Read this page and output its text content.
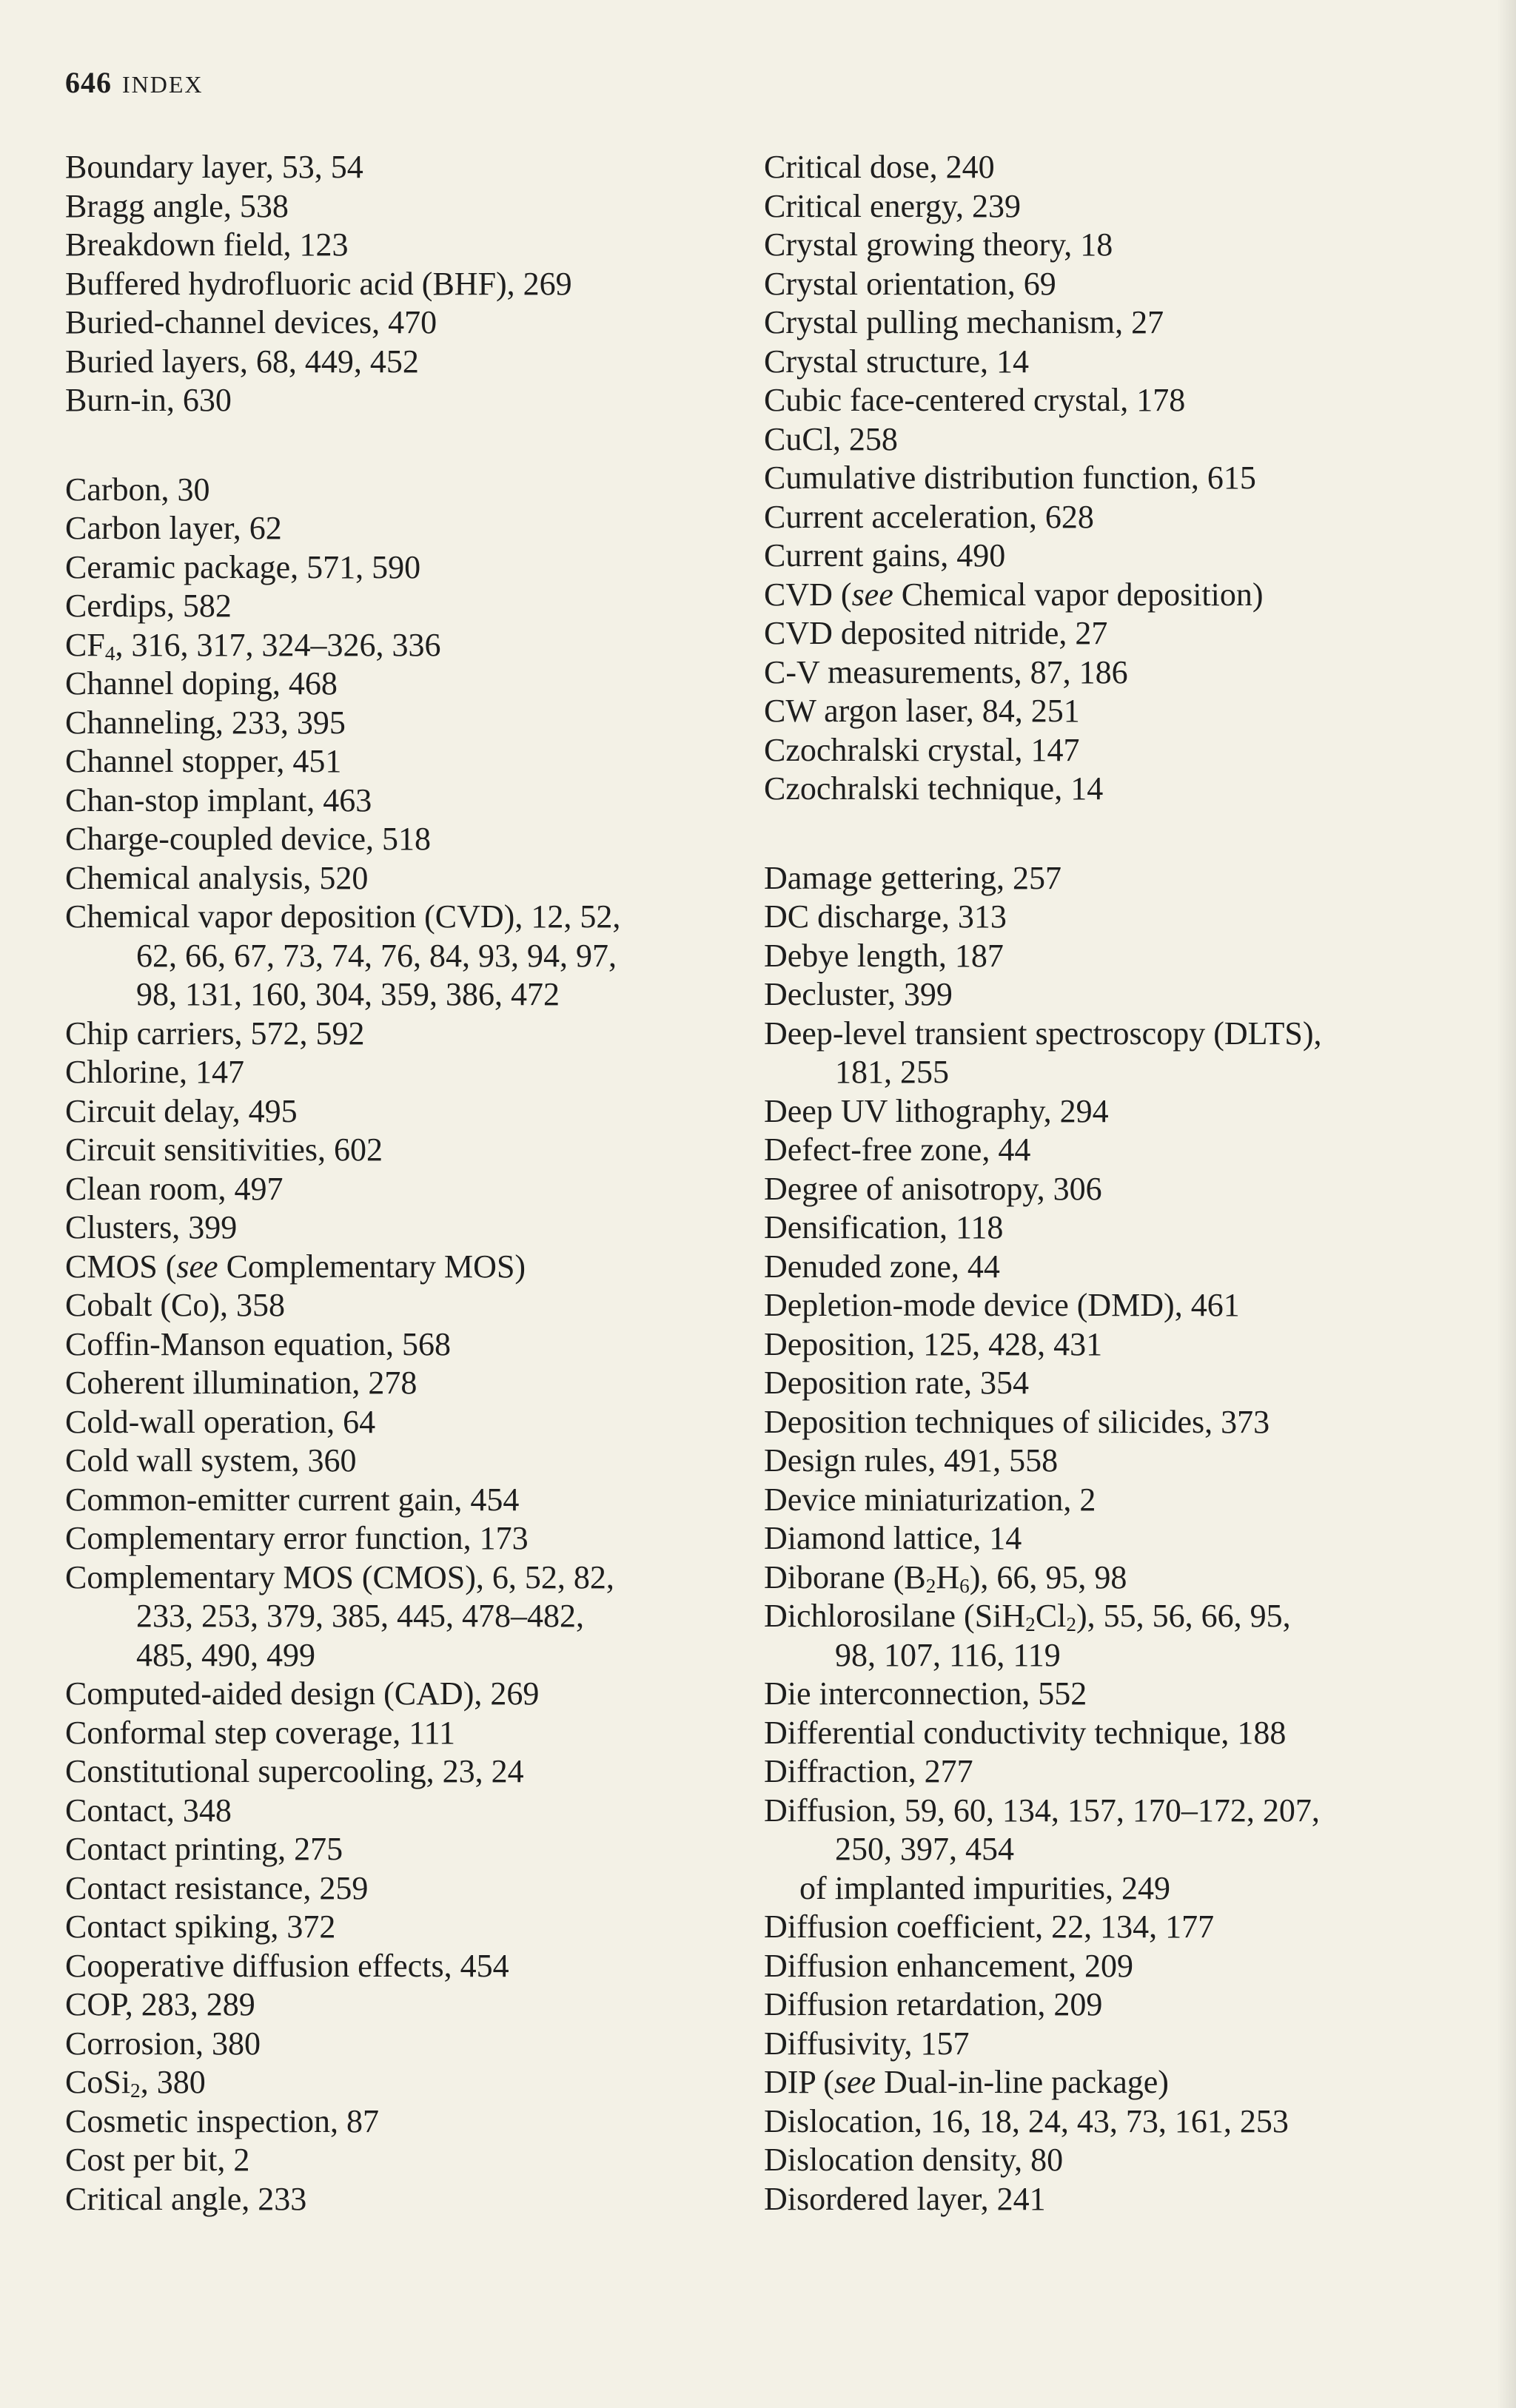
646 INDEX
Boundary layer, 53, 54
Bragg angle, 538
Breakdown field, 123
Buffered hydrofluoric acid (BHF), 269
Buried-channel devices, 470
Buried layers, 68, 449, 452
Burn-in, 630
Carbon, 30
Carbon layer, 62
Ceramic package, 571, 590
Cerdips, 582
$CF_4$, 316, 317, 324–326, 336
Channel doping, 468
Channeling, 233, 395
Channel stopper, 451
Chan-stop implant, 463
Charge-coupled device, 518
Chemical analysis, 520
Chemical vapor deposition (CVD), 12, 52,
62, 66, 67, 73, 74, 76, 84, 93, 94, 97,
98, 131, 160, 304, 359, 386, 472
Chip carriers, 572, 592
Chlorine, 147
Circuit delay, 495
Circuit sensitivities, 602
Clean room, 497
Clusters, 399
CMOS (see Complementary MOS)
Cobalt (Co), 358
Coffin-Manson equation, 568
Coherent illumination, 278
Cold-wall operation, 64
Cold wall system, 360
Common-emitter current gain, 454
Complementary error function, 173
Complementary MOS (CMOS), 6, 52, 82,
233, 253, 379, 385, 445, 478–482,
485, 490, 499
Computed-aided design (CAD), 269
Conformal step coverage, 111
Constitutional supercooling, 23, 24
Contact, 348
Contact printing, 275
Contact resistance, 259
Contact spiking, 372
Cooperative diffusion effects, 454
COP, 283, 289
Corrosion, 380
CoSi$_2$, 380
Cosmetic inspection, 87
Cost per bit, 2
Critical angle, 233
Critical dose, 240
Critical energy, 239
Crystal growing theory, 18
Crystal orientation, 69
Crystal pulling mechanism, 27
Crystal structure, 14
Cubic face-centered crystal, 178
CuCl, 258
Cumulative distribution function, 615
Current acceleration, 628
Current gains, 490
CVD (see Chemical vapor deposition)
CVD deposited nitride, 27
C-V measurements, 87, 186
CW argon laser, 84, 251
Czochralski crystal, 147
Czochralski technique, 14
Damage gettering, 257
DC discharge, 313
Debye length, 187
Decluster, 399
Deep-level transient spectroscopy (DLTS),
181, 255
Deep UV lithography, 294
Defect-free zone, 44
Degree of anisotropy, 306
Densification, 118
Denuded zone, 44
Depletion-mode device (DMD), 461
Deposition, 125, 428, 431
Deposition rate, 354
Deposition techniques of silicides, 373
Design rules, 491, 558
Device miniaturization, 2
Diamond lattice, 14
Diborane $(B_2H_6)$, 66, 95, 98
Dichlorosilane $(SiH_2Cl_2)$, 55, 56, 66, 95,
98, 107, 116, 119
Die interconnection, 552
Differential conductivity technique, 188
Diffraction, 277
Diffusion, 59, 60, 134, 157, 170–172, 207,
250, 397, 454
of implanted impurities, 249
Diffusion coefficient, 22, 134, 177
Diffusion enhancement, 209
Diffusion retardation, 209
Diffusivity, 157
DIP (see Dual-in-line package)
Dislocation, 16, 18, 24, 43, 73, 161, 253
Dislocation density, 80
Disordered layer, 241
